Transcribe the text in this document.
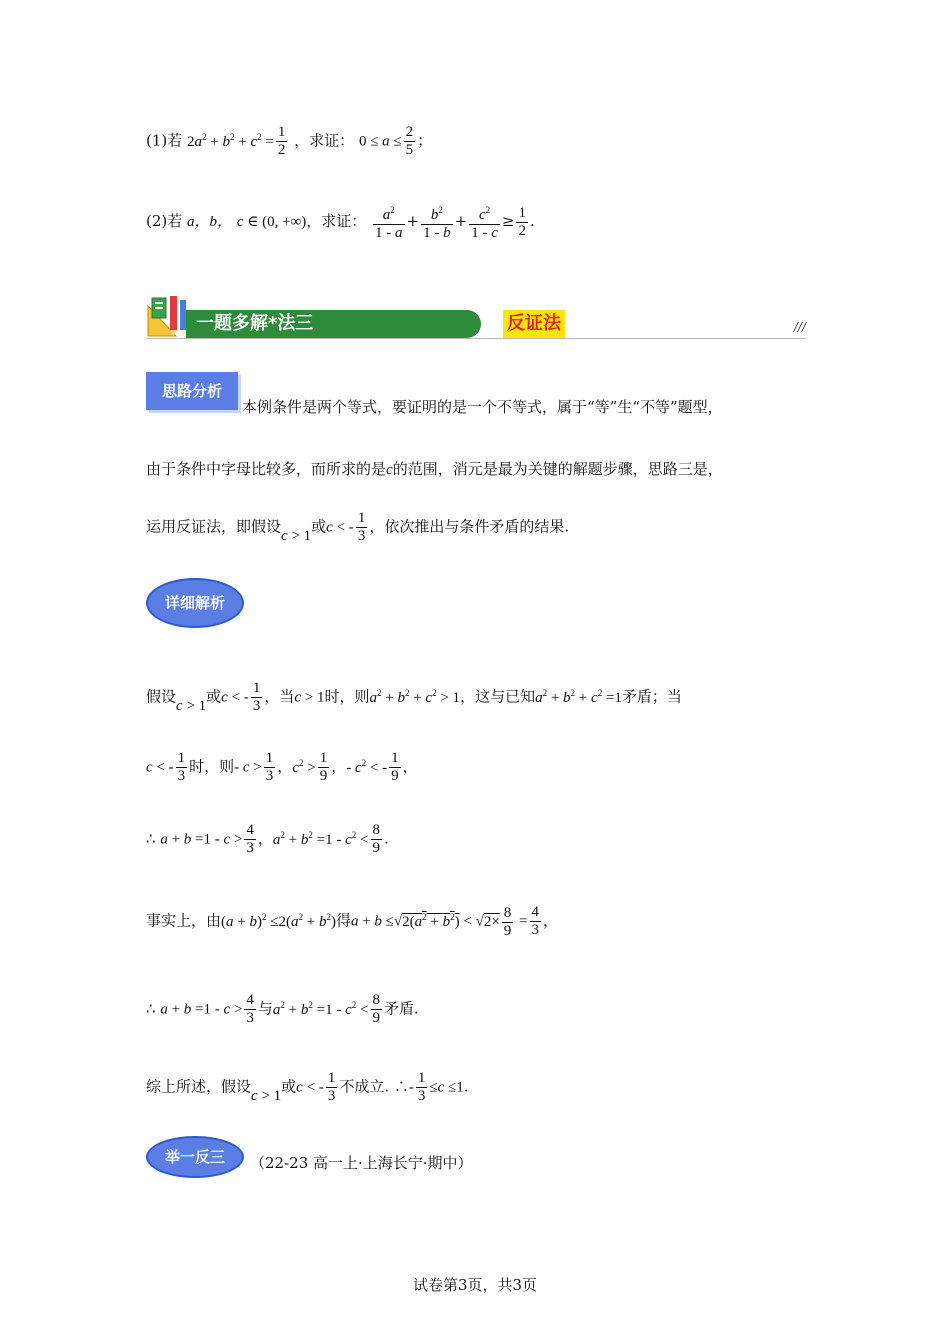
(1)若 $2a^2 + b^2 + c^2 = \frac{1}{2}$ ，求证： $0 \le a \le \frac{2}{5}$ ；
(2)若 a，b， c ∈ (0, +∞)，求证： $\frac{a^2}{1 - a} + \frac{b^2}{1 - b} + \frac{c^2}{1 - c} \ge \frac{1}{2}$ .
一题多解*法三	反证法	///
思路分析
本例条件是两个等式，要证明的是一个不等式，属于“等”生“不等”题型，
由于条件中字母比较多，而所求的是c的范围，消元是最为关键的解题步骤，思路三是，
运用反证法，即假设c > 1或c < - $\frac{1}{3}$ ，依次推出与条件矛盾的结果.
详细解析
假设c > 1或c < - $\frac{1}{3}$ ，当c > 1时，则$a^2 + b^2 + c^2 > 1$，这与已知$a^2 + b^2 + c^2 =1$矛盾；当
c < - $\frac{1}{3}$ 时，则- $c > \frac{1}{3}$ ，$c^2 > \frac{1}{9}$ ，- $c^2$ < - $\frac{1}{9}$ ，
∴ $a + b =1 - c > \frac{4}{3}$ ，$a^2 + b^2 =1 - c^2 < \frac{8}{9}$ .
事实上，由$(a + b)^2 \le 2(a^2 + b^2)$得$a + b \le√2(a^2 + b^2) < √2\times \frac{8}{9} = \frac{4}{3}$ ，
∴ $a + b =1 - c > \frac{4}{3}$ 与$a^2 + b^2 =1 - c^2 < \frac{8}{9}$ 矛盾.
综上所述，假设c > 1或c < - $\frac{1}{3}$ 不成立. ∴- $\frac{1}{3} \le c \le 1$.
举一反三	（22-23 高一上·上海长宁·期中）
试卷第3页，共3页
